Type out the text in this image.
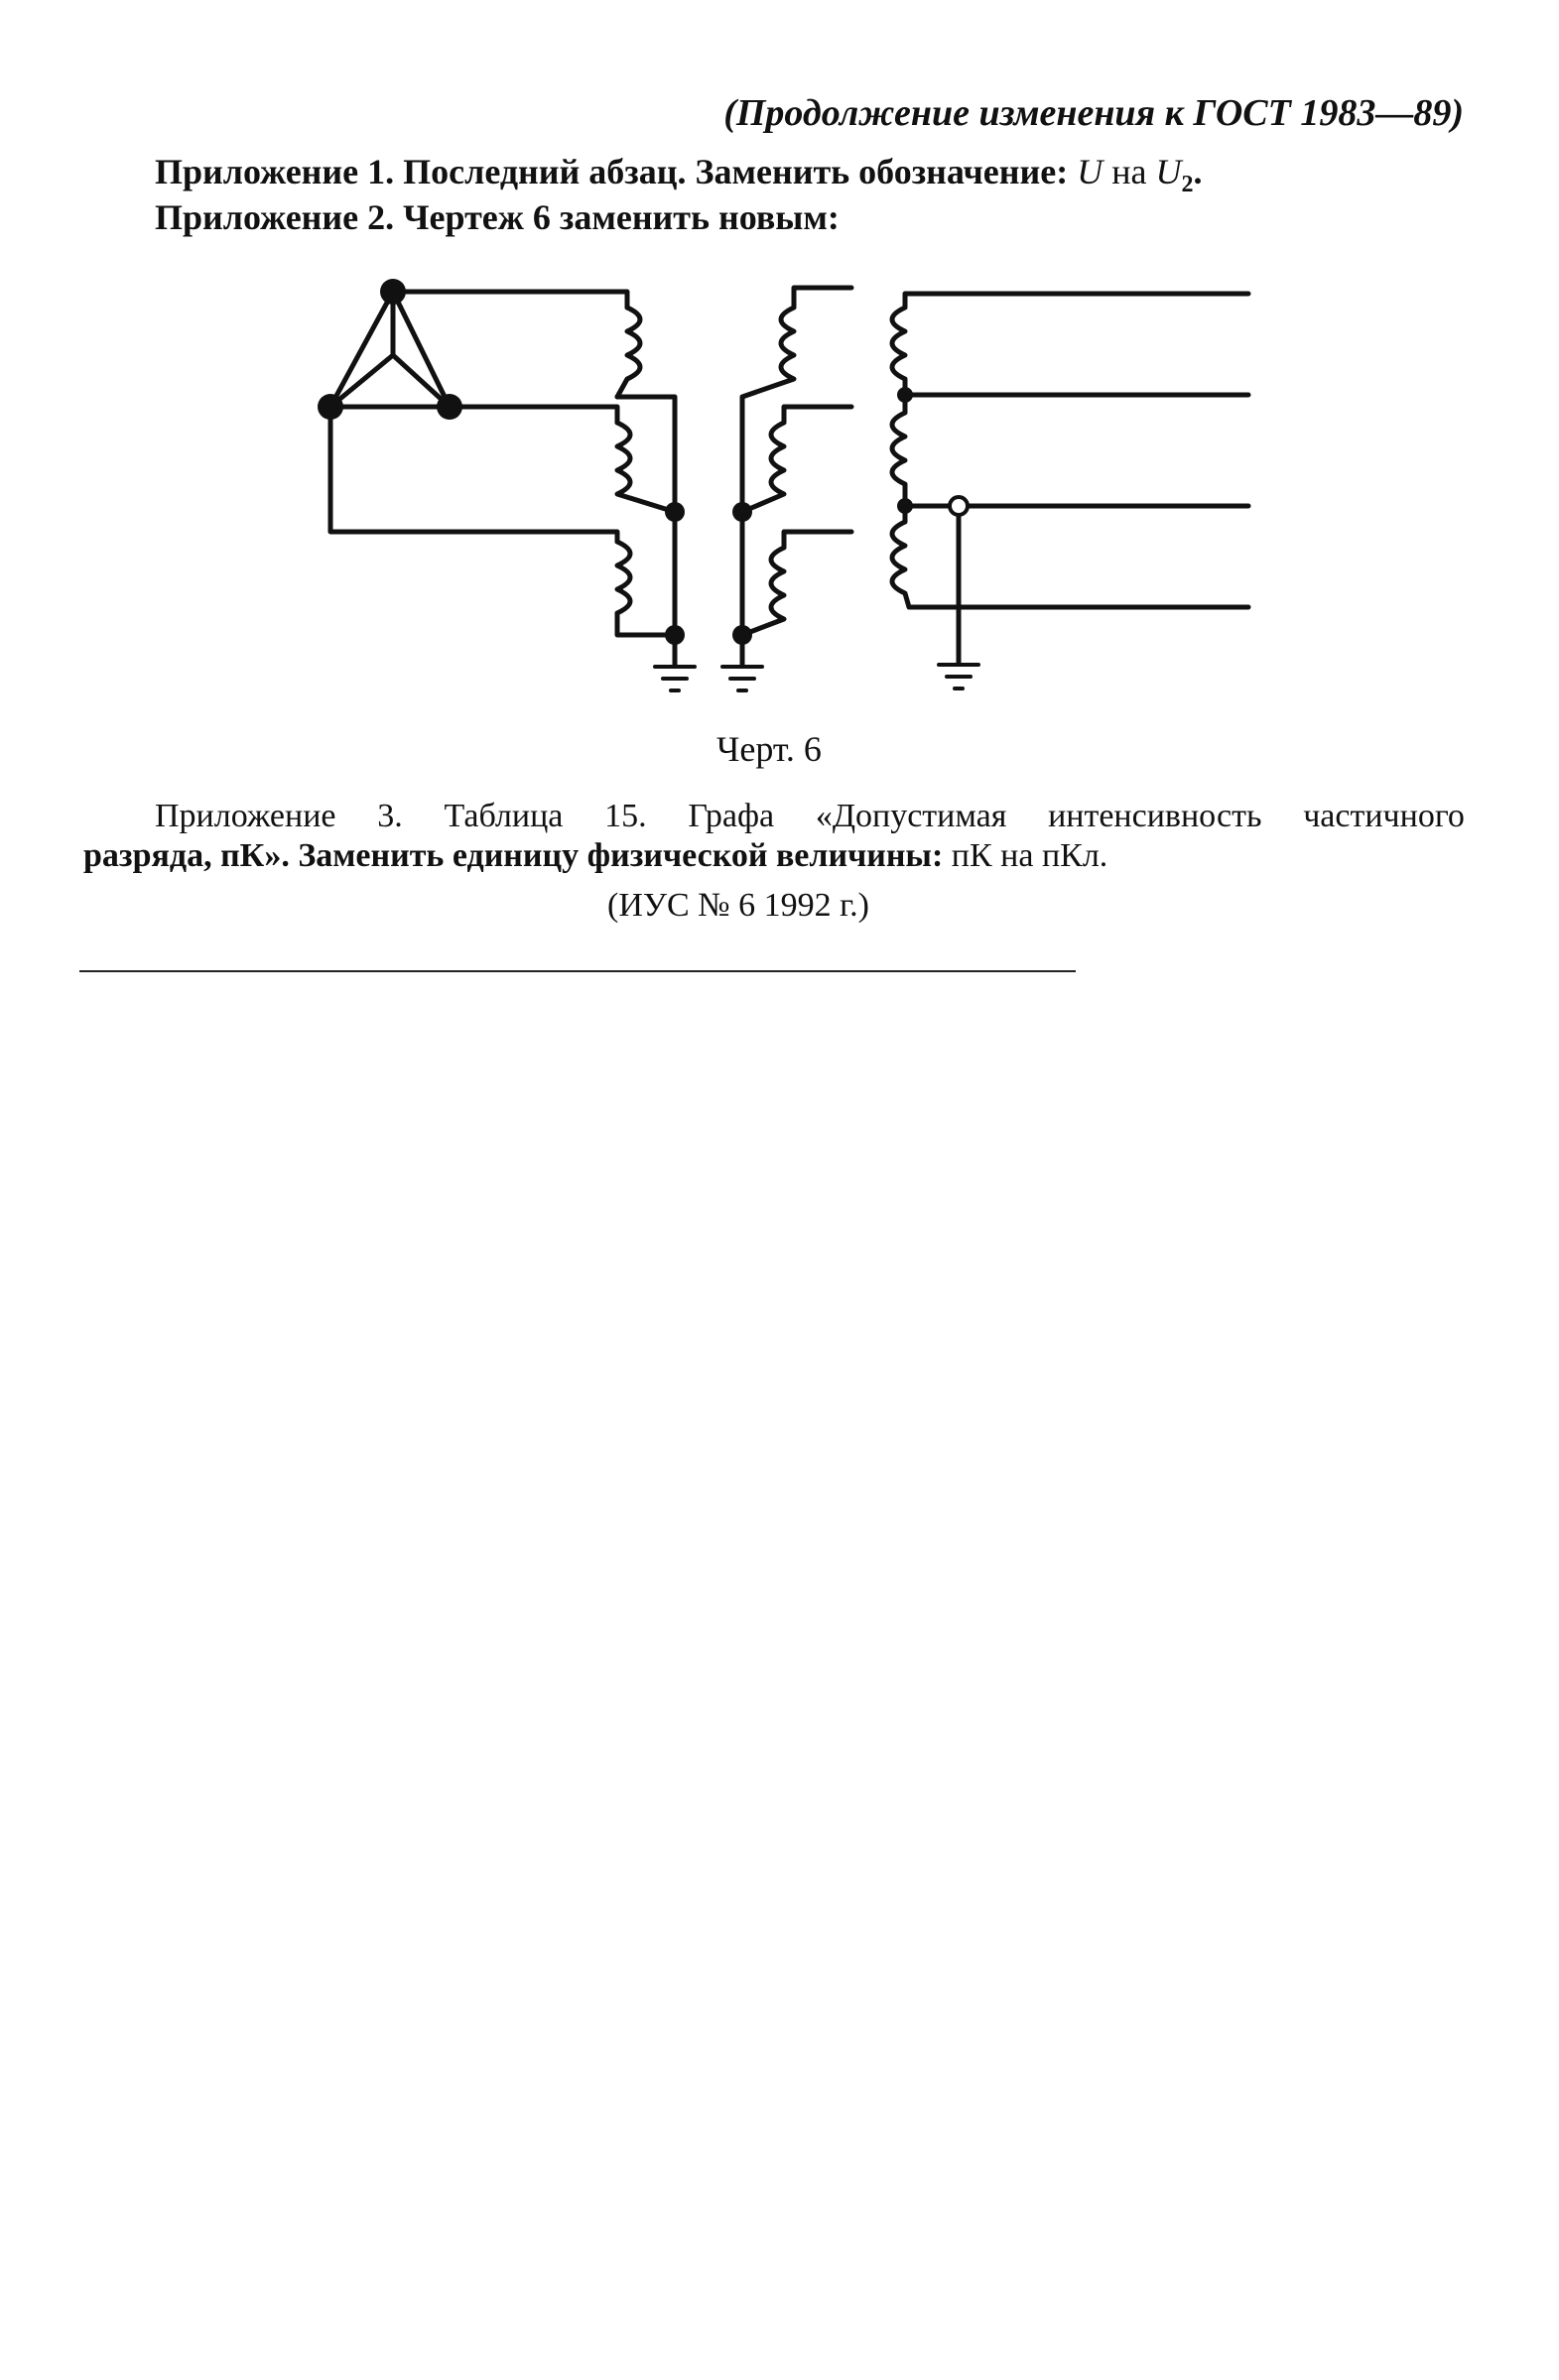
(Продолжение изменения к ГОСТ 1983—89)
Приложение 1. Последний абзац. Заменить обозначение: U на $U_2$.
Приложение 2. Чертеж 6 заменить новым:
Черт. 6
Приложение 3. Таблица 15. Графа «Допустимая интенсивность частичного
разряда, пК». Заменить единицу физической величины: пК на пКл.
(ИУС № 6 1992 г.)
